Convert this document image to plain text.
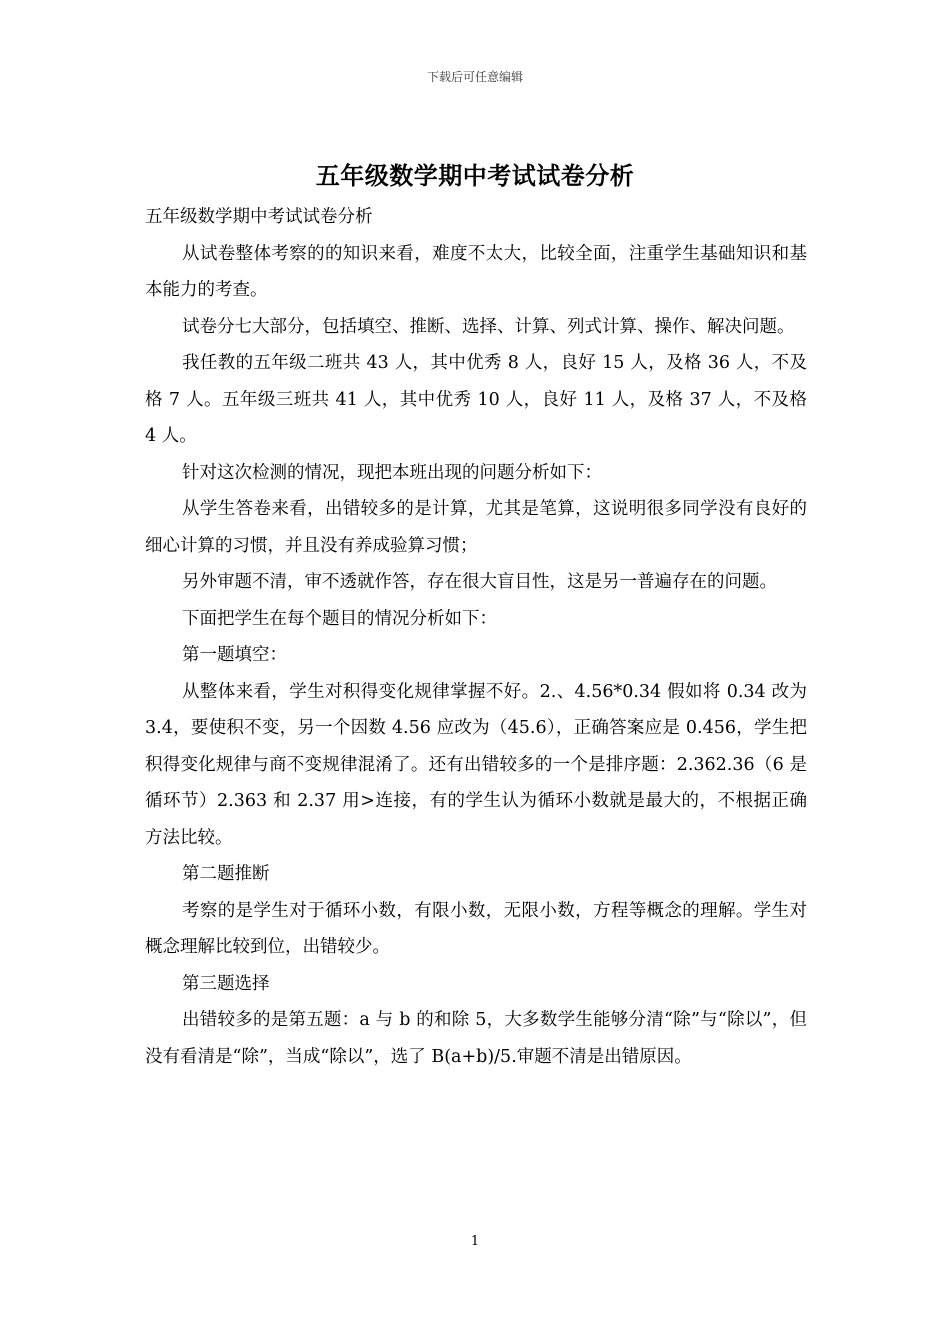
下载后可任意编辑
五年级数学期中考试试卷分析

五年级数学期中考试试卷分析

从试卷整体考察的的知识来看，难度不太大，比较全面，注重学生基础知识和基本能力的考查。

试卷分七大部分，包括填空、推断、选择、计算、列式计算、操作、解决问题。

我任教的五年级二班共 43 人，其中优秀 8 人，良好 15 人，及格 36 人，不及格 7 人。五年级三班共 41 人，其中优秀 10 人，良好 11 人，及格 37 人，不及格 4 人。

针对这次检测的情况，现把本班出现的问题分析如下：

从学生答卷来看，出错较多的是计算，尤其是笔算，这说明很多同学没有良好的细心计算的习惯，并且没有养成验算习惯；

另外审题不清，审不透就作答，存在很大盲目性，这是另一普遍存在的问题。

下面把学生在每个题目的情况分析如下：

第一题填空：

从整体来看，学生对积得变化规律掌握不好。2.、4.56*0.34 假如将 0.34 改为 3.4，要使积不变，另一个因数 4.56 应改为（45.6），正确答案应是 0.456，学生把积得变化规律与商不变规律混淆了。还有出错较多的一个是排序题：2.362.36（6 是循环节）2.363 和 2.37 用>连接，有的学生认为循环小数就是最大的，不根据正确方法比较。

第二题推断

考察的是学生对于循环小数，有限小数，无限小数，方程等概念的理解。学生对概念理解比较到位，出错较少。

第三题选择

出错较多的是第五题：a 与 b 的和除 5，大多数学生能够分清“除”与“除以”，但没有看清是“除”，当成“除以”，选了 B(a+b)/5.审题不清是出错原因。

1
